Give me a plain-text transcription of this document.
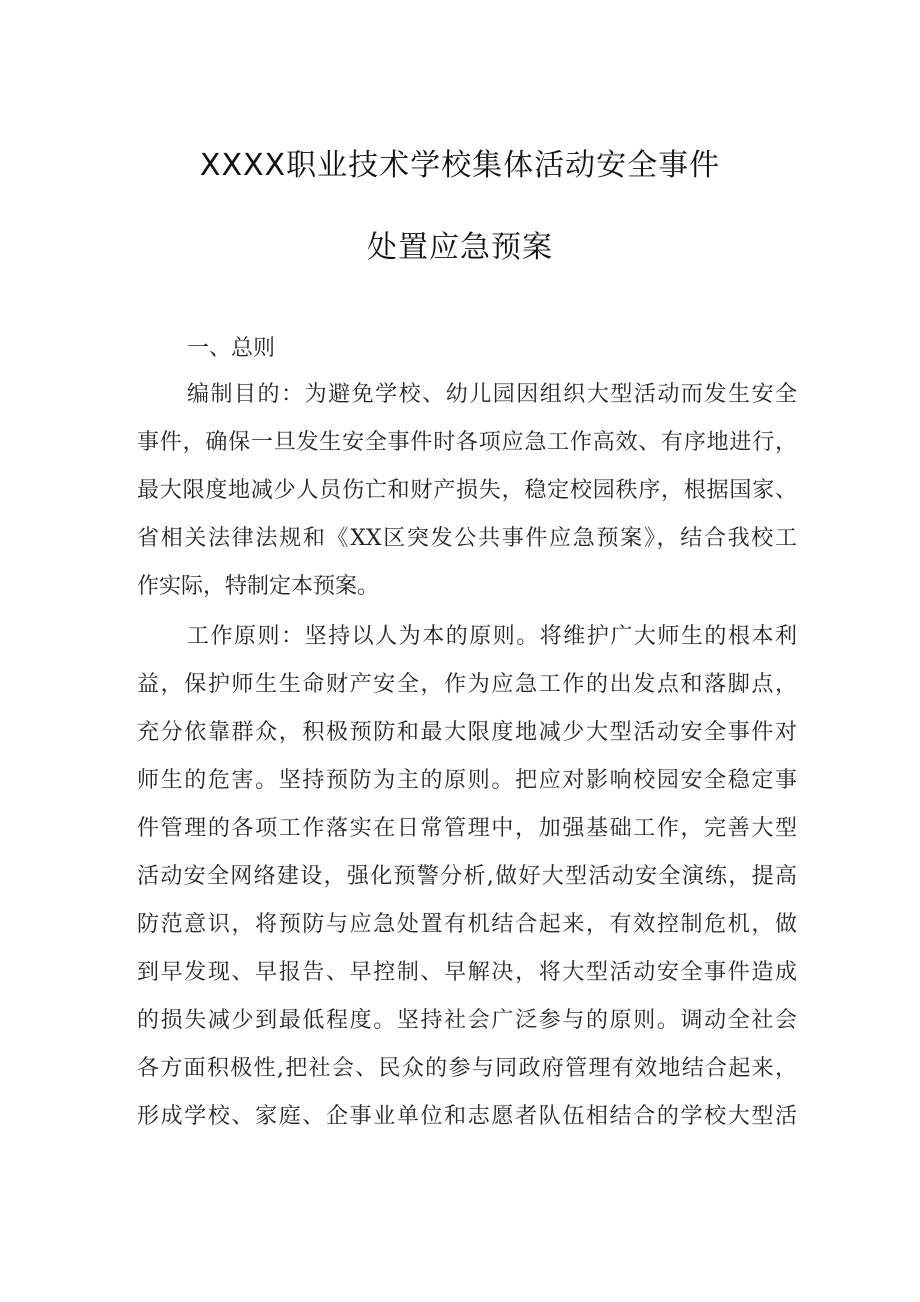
XXXX职业技术学校集体活动安全事件
处置应急预案
一、总则
编制目的：为避免学校、幼儿园因组织大型活动而发生安全
事件，确保一旦发生安全事件时各项应急工作高效、有序地进行，
最大限度地减少人员伤亡和财产损失，稳定校园秩序，根据国家、
省相关法律法规和《XX区突发公共事件应急预案》，结合我校工
作实际，特制定本预案。
工作原则：坚持以人为本的原则。将维护广大师生的根本利
益，保护师生生命财产安全，作为应急工作的出发点和落脚点，
充分依靠群众，积极预防和最大限度地减少大型活动安全事件对
师生的危害。坚持预防为主的原则。把应对影响校园安全稳定事
件管理的各项工作落实在日常管理中，加强基础工作，完善大型
活动安全网络建设，强化预警分析,做好大型活动安全演练，提高
防范意识，将预防与应急处置有机结合起来，有效控制危机，做
到早发现、早报告、早控制、早解决，将大型活动安全事件造成
的损失减少到最低程度。坚持社会广泛参与的原则。调动全社会
各方面积极性,把社会、民众的参与同政府管理有效地结合起来，
形成学校、家庭、企事业单位和志愿者队伍相结合的学校大型活
